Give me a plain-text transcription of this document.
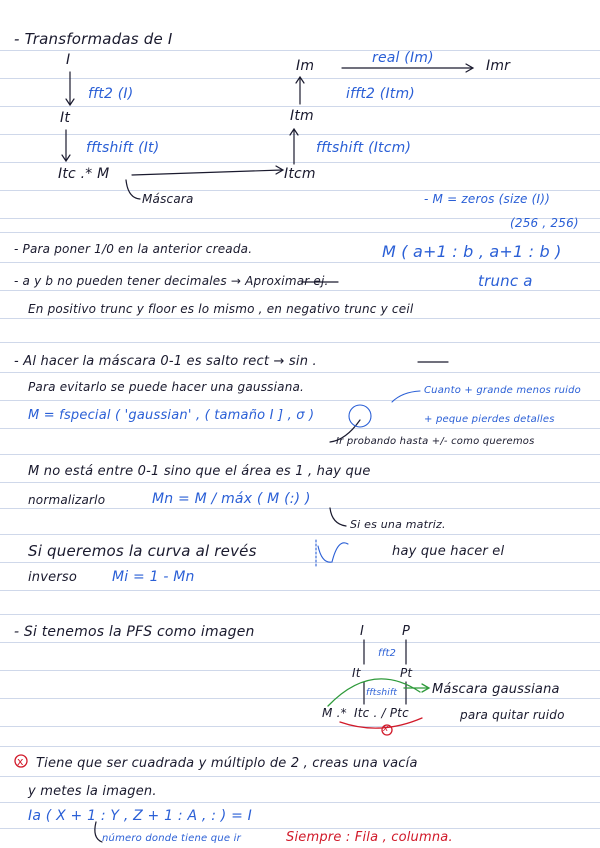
- Transformadas de I
I
fft2 (I)
It
fftshift (It)
Itc .* M
Máscara
Itcm
fftshift (Itcm)
Itm
ifft2 (Itm)
Im	real (Im)	Imr
- M = zeros (size (I))
(256 , 256)
- Para poner 1/0 en la anterior creada.	M ( a+1 : b , a+1 : b )
- a y b no pueden tener decimales → Aproximar ej.	trunc a
En positivo trunc y floor es lo mismo , en negativo trunc y ceil
- Al hacer la máscara 0-1 es salto rect → sin .
Para evitarlo se puede hacer una gaussiana.	Cuanto + grande menos ruido
M = fspecial ( 'gaussian' , ( tamaño I ] , σ )	+ peque pierdes detalles
Ir probando hasta +/- como queremos
M no está entre 0-1 sino que el área es 1 , hay que
normalizarlo	Mn = M / máx ( M (:) )
Si es una matriz.
Si queremos la curva al revés	hay que hacer el
inverso Mi = 1 - Mn
- Si tenemos la PFS como imagen	I	P
fft2
It	Pt
fftshift
M .* Itc . / Ptc
Máscara gaussiana
para quitar ruido
x
x Tiene que ser cuadrada y múltiplo de 2 , creas una vacía
y metes la imagen.
Ia ( X + 1 : Y , Z + 1 : A , : ) = I
número donde tiene que ir	Siempre : Fila , columna.
